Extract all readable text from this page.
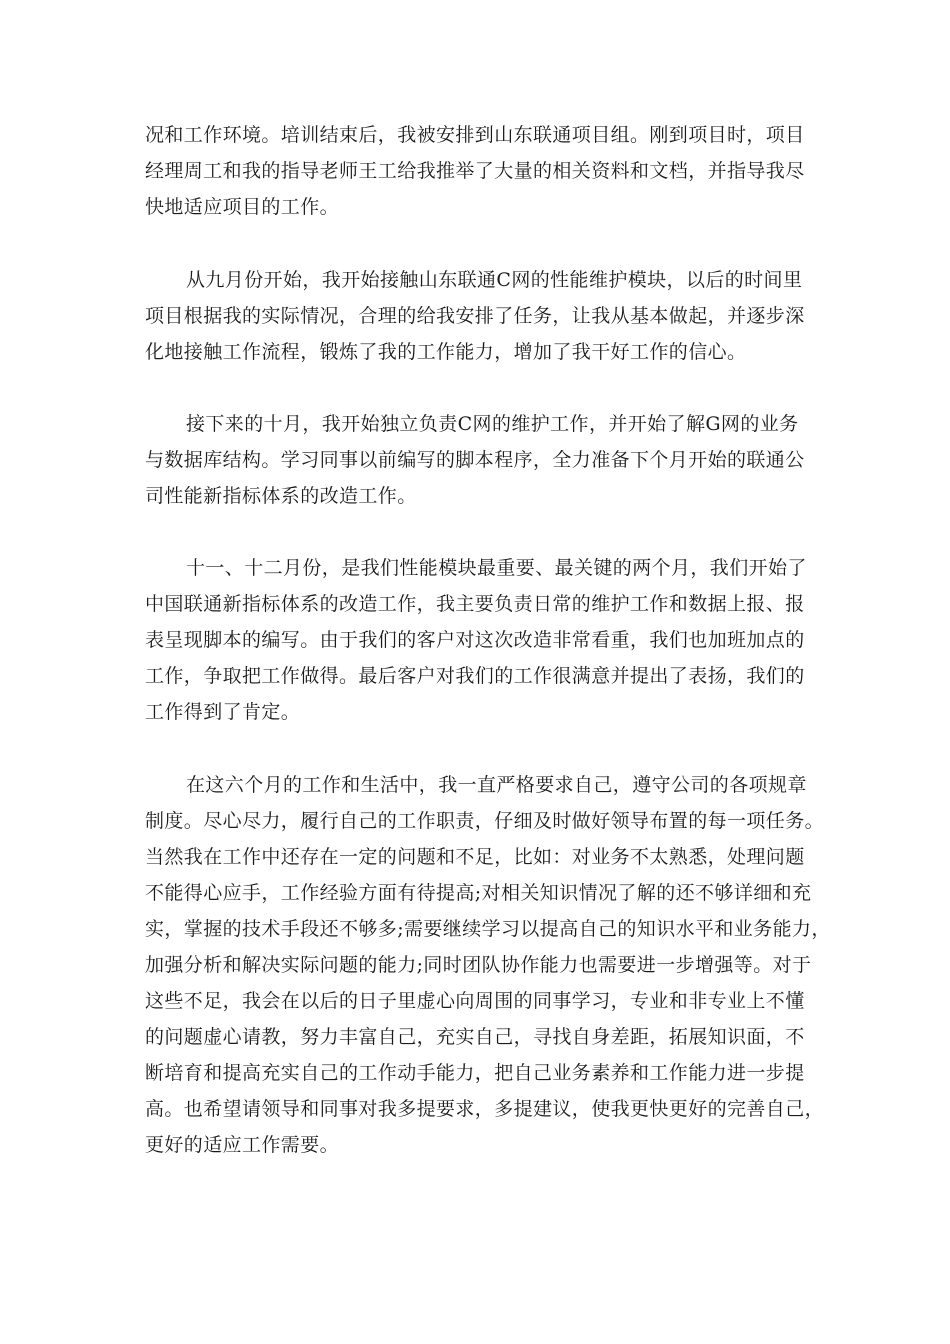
况和工作环境。培训结束后，我被安排到山东联通项目组。刚到项目时，项目
经理周工和我的指导老师王工给我推举了大量的相关资料和文档，并指导我尽
快地适应项目的工作。
从九月份开始，我开始接触山东联通C网的性能维护模块，以后的时间里
项目根据我的实际情况，合理的给我安排了任务，让我从基本做起，并逐步深
化地接触工作流程，锻炼了我的工作能力，增加了我干好工作的信心。
接下来的十月，我开始独立负责C网的维护工作，并开始了解G网的业务
与数据库结构。学习同事以前编写的脚本程序，全力准备下个月开始的联通公
司性能新指标体系的改造工作。
十一、十二月份，是我们性能模块最重要、最关键的两个月，我们开始了
中国联通新指标体系的改造工作，我主要负责日常的维护工作和数据上报、报
表呈现脚本的编写。由于我们的客户对这次改造非常看重，我们也加班加点的
工作，争取把工作做得。最后客户对我们的工作很满意并提出了表扬，我们的
工作得到了肯定。
在这六个月的工作和生活中，我一直严格要求自己，遵守公司的各项规章
制度。尽心尽力，履行自己的工作职责，仔细及时做好领导布置的每一项任务。
当然我在工作中还存在一定的问题和不足，比如：对业务不太熟悉，处理问题
不能得心应手，工作经验方面有待提高;对相关知识情况了解的还不够详细和充
实，掌握的技术手段还不够多;需要继续学习以提高自己的知识水平和业务能力，
加强分析和解决实际问题的能力;同时团队协作能力也需要进一步增强等。对于
这些不足，我会在以后的日子里虚心向周围的同事学习，专业和非专业上不懂
的问题虚心请教，努力丰富自己，充实自己，寻找自身差距，拓展知识面，不
断培育和提高充实自己的工作动手能力，把自己业务素养和工作能力进一步提
高。也希望请领导和同事对我多提要求，多提建议，使我更快更好的完善自己，
更好的适应工作需要。
